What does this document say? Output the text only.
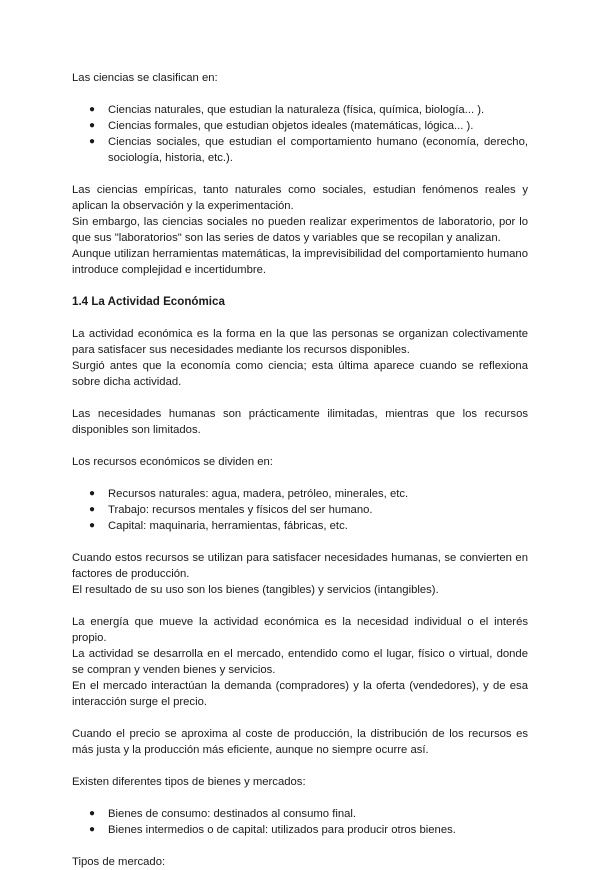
Las ciencias se clasifican en:

● Ciencias naturales, que estudian la naturaleza (física, química, biología... ).
● Ciencias formales, que estudian objetos ideales (matemáticas, lógica... ).
● Ciencias sociales, que estudian el comportamiento humano (economía, derecho, sociología, historia, etc.).

Las ciencias empíricas, tanto naturales como sociales, estudian fenómenos reales y aplican la observación y la experimentación.

Sin embargo, las ciencias sociales no pueden realizar experimentos de laboratorio, por lo que sus "laboratorios" son las series de datos y variables que se recopilan y analizan.

Aunque utilizan herramientas matemáticas, la imprevisibilidad del comportamiento humano introduce complejidad e incertidumbre.

1.4 La Actividad Económica

La actividad económica es la forma en la que las personas se organizan colectivamente para satisfacer sus necesidades mediante los recursos disponibles.

Surgió antes que la economía como ciencia; esta última aparece cuando se reflexiona sobre dicha actividad.

Las necesidades humanas son prácticamente ilimitadas, mientras que los recursos disponibles son limitados.

Los recursos económicos se dividen en:

● Recursos naturales: agua, madera, petróleo, minerales, etc.
● Trabajo: recursos mentales y físicos del ser humano.
● Capital: maquinaria, herramientas, fábricas, etc.

Cuando estos recursos se utilizan para satisfacer necesidades humanas, se convierten en factores de producción.

El resultado de su uso son los bienes (tangibles) y servicios (intangibles).

La energía que mueve la actividad económica es la necesidad individual o el interés propio.

La actividad se desarrolla en el mercado, entendido como el lugar, físico o virtual, donde se compran y venden bienes y servicios.

En el mercado interactúan la demanda (compradores) y la oferta (vendedores), y de esa interacción surge el precio.

Cuando el precio se aproxima al coste de producción, la distribución de los recursos es más justa y la producción más eficiente, aunque no siempre ocurre así.

Existen diferentes tipos de bienes y mercados:

● Bienes de consumo: destinados al consumo final.
● Bienes intermedios o de capital: utilizados para producir otros bienes.

Tipos de mercado:
